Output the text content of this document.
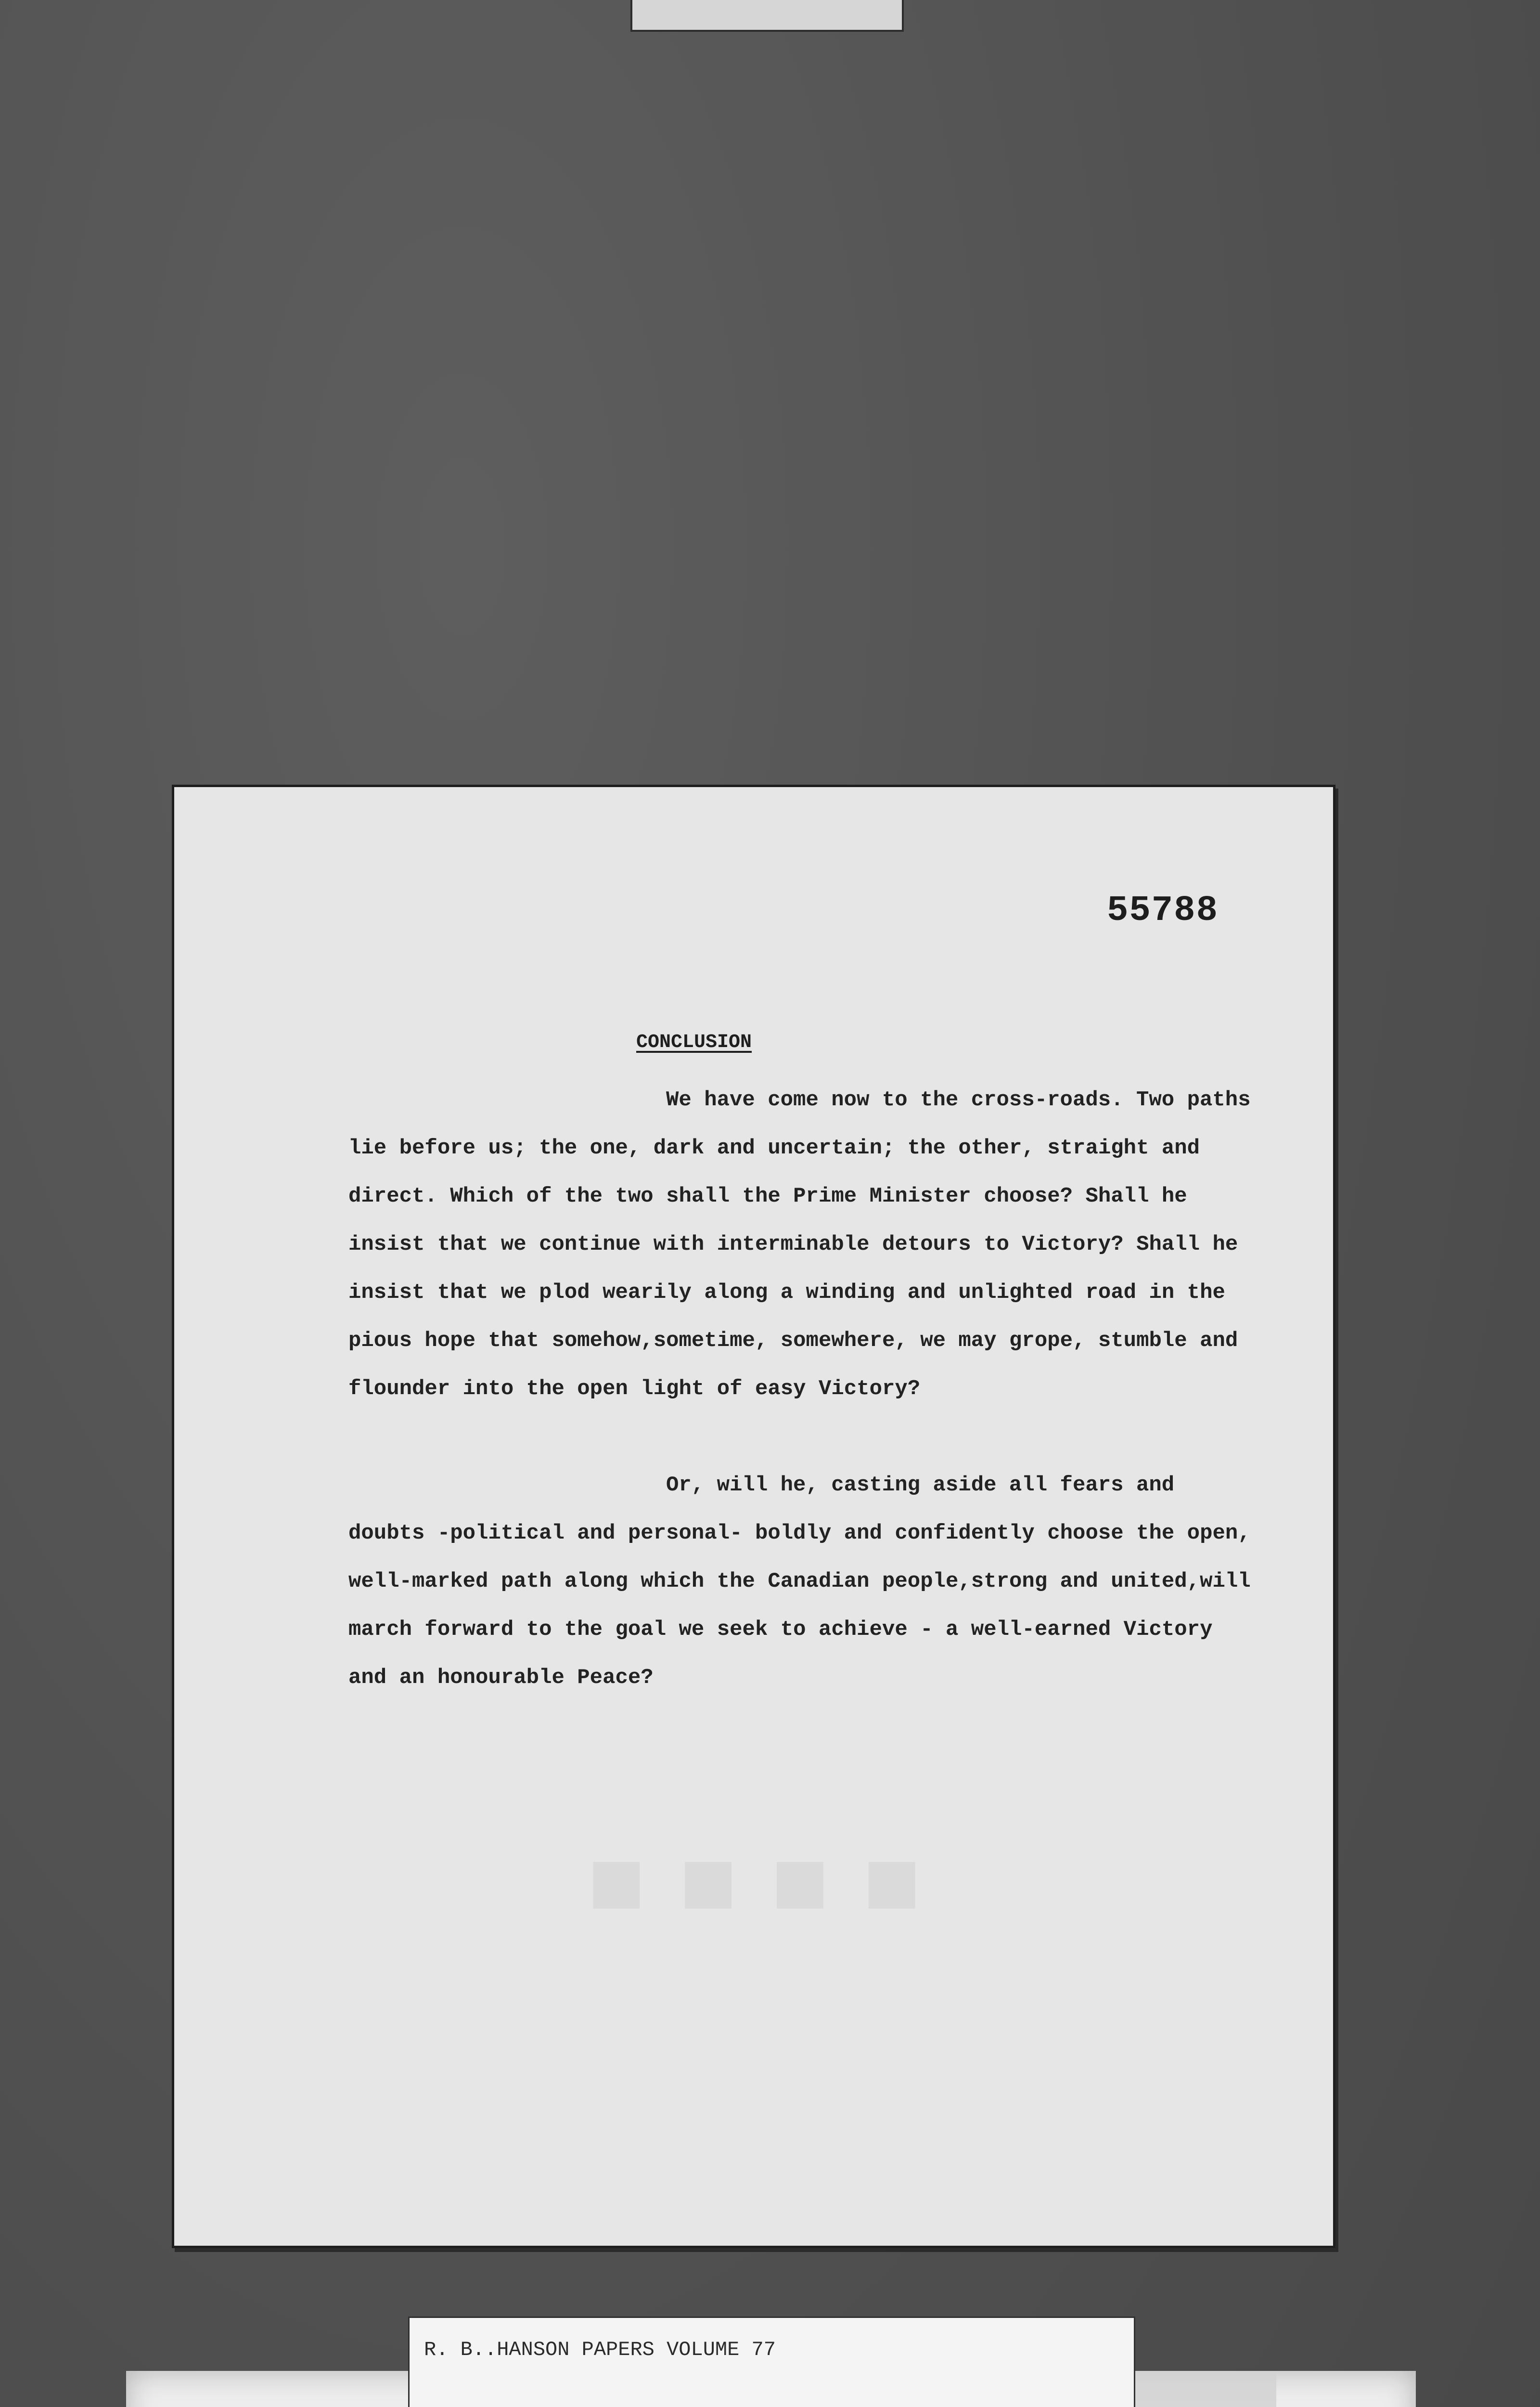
■ ■ ■ ■
55788
CONCLUSION

We have come now to the cross-roads. Two paths lie before us; the one, dark and uncertain; the other, straight and direct. Which of the two shall the Prime Minister choose? Shall he insist that we continue with interminable detours to Victory? Shall he insist that we plod wearily along a winding and unlighted road in the pious hope that somehow,sometime, somewhere, we may grope, stumble and flounder into the open light of easy Victory?

Or, will he, casting aside all fears and doubts -political and personal- boldly and confidently choose the open, well-marked path along which the Canadian people,strong and united,will march forward to the goal we seek to achieve - a well-earned Victory and an honourable Peace?

R. B..HANSON PAPERS VOLUME 77
